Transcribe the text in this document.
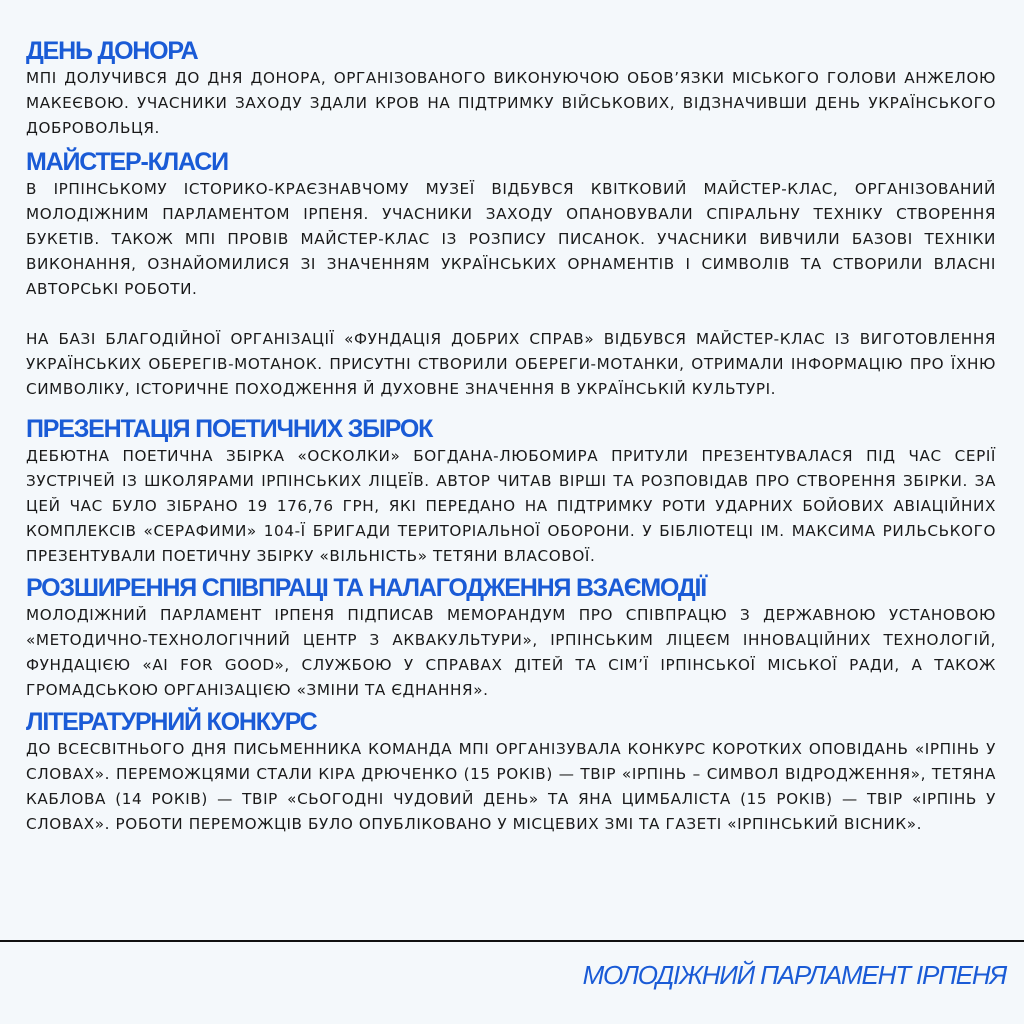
ДЕНЬ ДОНОРА

МПІ ДОЛУЧИВСЯ ДО ДНЯ ДОНОРА, ОРГАНІЗОВАНОГО ВИКОНУЮЧОЮ ОБОВ’ЯЗКИ МІСЬКОГО ГОЛОВИ АНЖЕЛОЮ МАКЕЄВОЮ. УЧАСНИКИ ЗАХОДУ ЗДАЛИ КРОВ НА ПІДТРИМКУ ВІЙСЬКОВИХ, ВІДЗНАЧИВШИ ДЕНЬ УКРАЇНСЬКОГО ДОБРОВОЛЬЦЯ.

МАЙСТЕР-КЛАСИ

В ІРПІНСЬКОМУ ІСТОРИКО-КРАЄЗНАВЧОМУ МУЗЕЇ ВІДБУВСЯ КВІТКОВИЙ МАЙСТЕР-КЛАС, ОРГАНІЗОВАНИЙ МОЛОДІЖНИМ ПАРЛАМЕНТОМ ІРПЕНЯ. УЧАСНИКИ ЗАХОДУ ОПАНОВУВАЛИ СПІРАЛЬНУ ТЕХНІКУ СТВОРЕННЯ БУКЕТІВ. ТАКОЖ МПІ ПРОВІВ МАЙСТЕР-КЛАС ІЗ РОЗПИСУ ПИСАНОК. УЧАСНИКИ ВИВЧИЛИ БАЗОВІ ТЕХНІКИ ВИКОНАННЯ, ОЗНАЙОМИЛИСЯ ЗІ ЗНАЧЕННЯМ УКРАЇНСЬКИХ ОРНАМЕНТІВ І СИМВОЛІВ ТА СТВОРИЛИ ВЛАСНІ АВТОРСЬКІ РОБОТИ.

НА БАЗІ БЛАГОДІЙНОЇ ОРГАНІЗАЦІЇ «ФУНДАЦІЯ ДОБРИХ СПРАВ» ВІДБУВСЯ МАЙСТЕР-КЛАС ІЗ ВИГОТОВЛЕННЯ УКРАЇНСЬКИХ ОБЕРЕГІВ-МОТАНОК. ПРИСУТНІ СТВОРИЛИ ОБЕРЕГИ-МОТАНКИ, ОТРИМАЛИ ІНФОРМАЦІЮ ПРО ЇХНЮ СИМВОЛІКУ, ІСТОРИЧНЕ ПОХОДЖЕННЯ Й ДУХОВНЕ ЗНАЧЕННЯ В УКРАЇНСЬКІЙ КУЛЬТУРІ.

ПРЕЗЕНТАЦІЯ ПОЕТИЧНИХ ЗБІРОК

ДЕБЮТНА ПОЕТИЧНА ЗБІРКА «ОСКОЛКИ» БОГДАНА-ЛЮБОМИРА ПРИТУЛИ ПРЕЗЕНТУВАЛАСЯ ПІД ЧАС СЕРІЇ ЗУСТРІЧЕЙ ІЗ ШКОЛЯРАМИ ІРПІНСЬКИХ ЛІЦЕЇВ. АВТОР ЧИТАВ ВІРШІ ТА РОЗПОВІДАВ ПРО СТВОРЕННЯ ЗБІРКИ. ЗА ЦЕЙ ЧАС БУЛО ЗІБРАНО 19 176,76 ГРН, ЯКІ ПЕРЕДАНО НА ПІДТРИМКУ РОТИ УДАРНИХ БОЙОВИХ АВІАЦІЙНИХ КОМПЛЕКСІВ «СЕРАФИМИ» 104-Ї БРИГАДИ ТЕРИТОРІАЛЬНОЇ ОБОРОНИ. У БІБЛІОТЕЦІ ІМ. МАКСИМА РИЛЬСЬКОГО ПРЕЗЕНТУВАЛИ ПОЕТИЧНУ ЗБІРКУ «ВІЛЬНІСТЬ» ТЕТЯНИ ВЛАСОВОЇ.

РОЗШИРЕННЯ СПІВПРАЦІ ТА НАЛАГОДЖЕННЯ ВЗАЄМОДІЇ

МОЛОДІЖНИЙ ПАРЛАМЕНТ ІРПЕНЯ ПІДПИСАВ МЕМОРАНДУМ ПРО СПІВПРАЦЮ З ДЕРЖАВНОЮ УСТАНОВОЮ «МЕТОДИЧНО-ТЕХНОЛОГІЧНИЙ ЦЕНТР З АКВАКУЛЬТУРИ», ІРПІНСЬКИМ ЛІЦЕЄМ ІННОВАЦІЙНИХ ТЕХНОЛОГІЙ, ФУНДАЦІЄЮ «AI FOR GOOD», СЛУЖБОЮ У СПРАВАХ ДІТЕЙ ТА СІМ’Ї ІРПІНСЬКОЇ МІСЬКОЇ РАДИ, А ТАКОЖ ГРОМАДСЬКОЮ ОРГАНІЗАЦІЄЮ «ЗМІНИ ТА ЄДНАННЯ».

ЛІТЕРАТУРНИЙ КОНКУРС

ДО ВСЕСВІТНЬОГО ДНЯ ПИСЬМЕННИКА КОМАНДА МПІ ОРГАНІЗУВАЛА КОНКУРС КОРОТКИХ ОПОВІДАНЬ «ІРПІНЬ У СЛОВАХ». ПЕРЕМОЖЦЯМИ СТАЛИ КІРА ДРЮЧЕНКО (15 РОКІВ) — ТВІР «ІРПІНЬ – СИМВОЛ ВІДРОДЖЕННЯ», ТЕТЯНА КАБЛОВА (14 РОКІВ) — ТВІР «СЬОГОДНІ ЧУДОВИЙ ДЕНЬ» ТА ЯНА ЦИМБАЛІСТА (15 РОКІВ) — ТВІР «ІРПІНЬ У СЛОВАХ». РОБОТИ ПЕРЕМОЖЦІВ БУЛО ОПУБЛІКОВАНО У МІСЦЕВИХ ЗМІ ТА ГАЗЕТІ «ІРПІНСЬКИЙ ВІСНИК».

МОЛОДІЖНИЙ ПАРЛАМЕНТ ІРПЕНЯ
